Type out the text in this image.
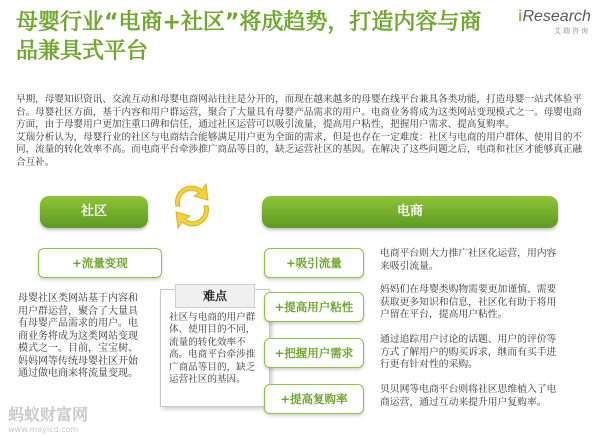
母婴行业“电商+社区”将成趋势，打造内容与商品兼具式平台
iResearch
艾瑞咨询

早期，母婴知识资讯、交流互动和母婴电商网站往往是分开的，而现在越来越多的母婴在线平台兼具各类功能，打造母婴一站式体验平台。母婴社区方面，基于内容和用户群运营，聚合了大量具有母婴产品需求的用户。电商业务将成为这类网站变现模式之一。母婴电商方面，由于母婴用户更加注重口碑和信任，通过社区运营可以吸引流量，提高用户粘性，把握用户需求、提高复购率。

艾瑞分析认为，母婴行业的社区与电商结合能够满足用户更为全面的需求，但是也存在一定难度：社区与电商的用户群体、使用目的不同，流量的转化效率不高。而电商平台牵涉推广商品等目的，缺乏运营社区的基因。在解决了这些问题之后，电商和社区才能够真正融合互补。

社区
+流量变现
母婴社区类网站基于内容和用户群运营，聚合了大量具有母婴产品需求的用户。电商业务将成为这类网站变现模式之一。目前，宝宝树、妈妈网等传统母婴社区开始通过做电商来将流量变现。
难点
社区与电商的用户群体、使用目的不同，流量的转化效率不高。电商平台牵涉推广商品等目的，缺乏运营社区的基因。
电商
+吸引流量
电商平台则大力推广社区化运营，用内容来吸引流量。
+提高用户粘性
妈妈们在母婴类购物需要更加谨慎、需要获取更多知识和信息，社区化有助于将用户留在平台，提高用户粘性。
+把握用户需求
通过追踪用户讨论的话题、用户的评价等方式了解用户的购买诉求，继而有买手进行更有针对性的采购。
+提高复购率
贝贝网等电商平台则将社区思维植入了电商运营，通过互动来提升用户复购率。
蚂蚁财富网
www.mayicd.com
